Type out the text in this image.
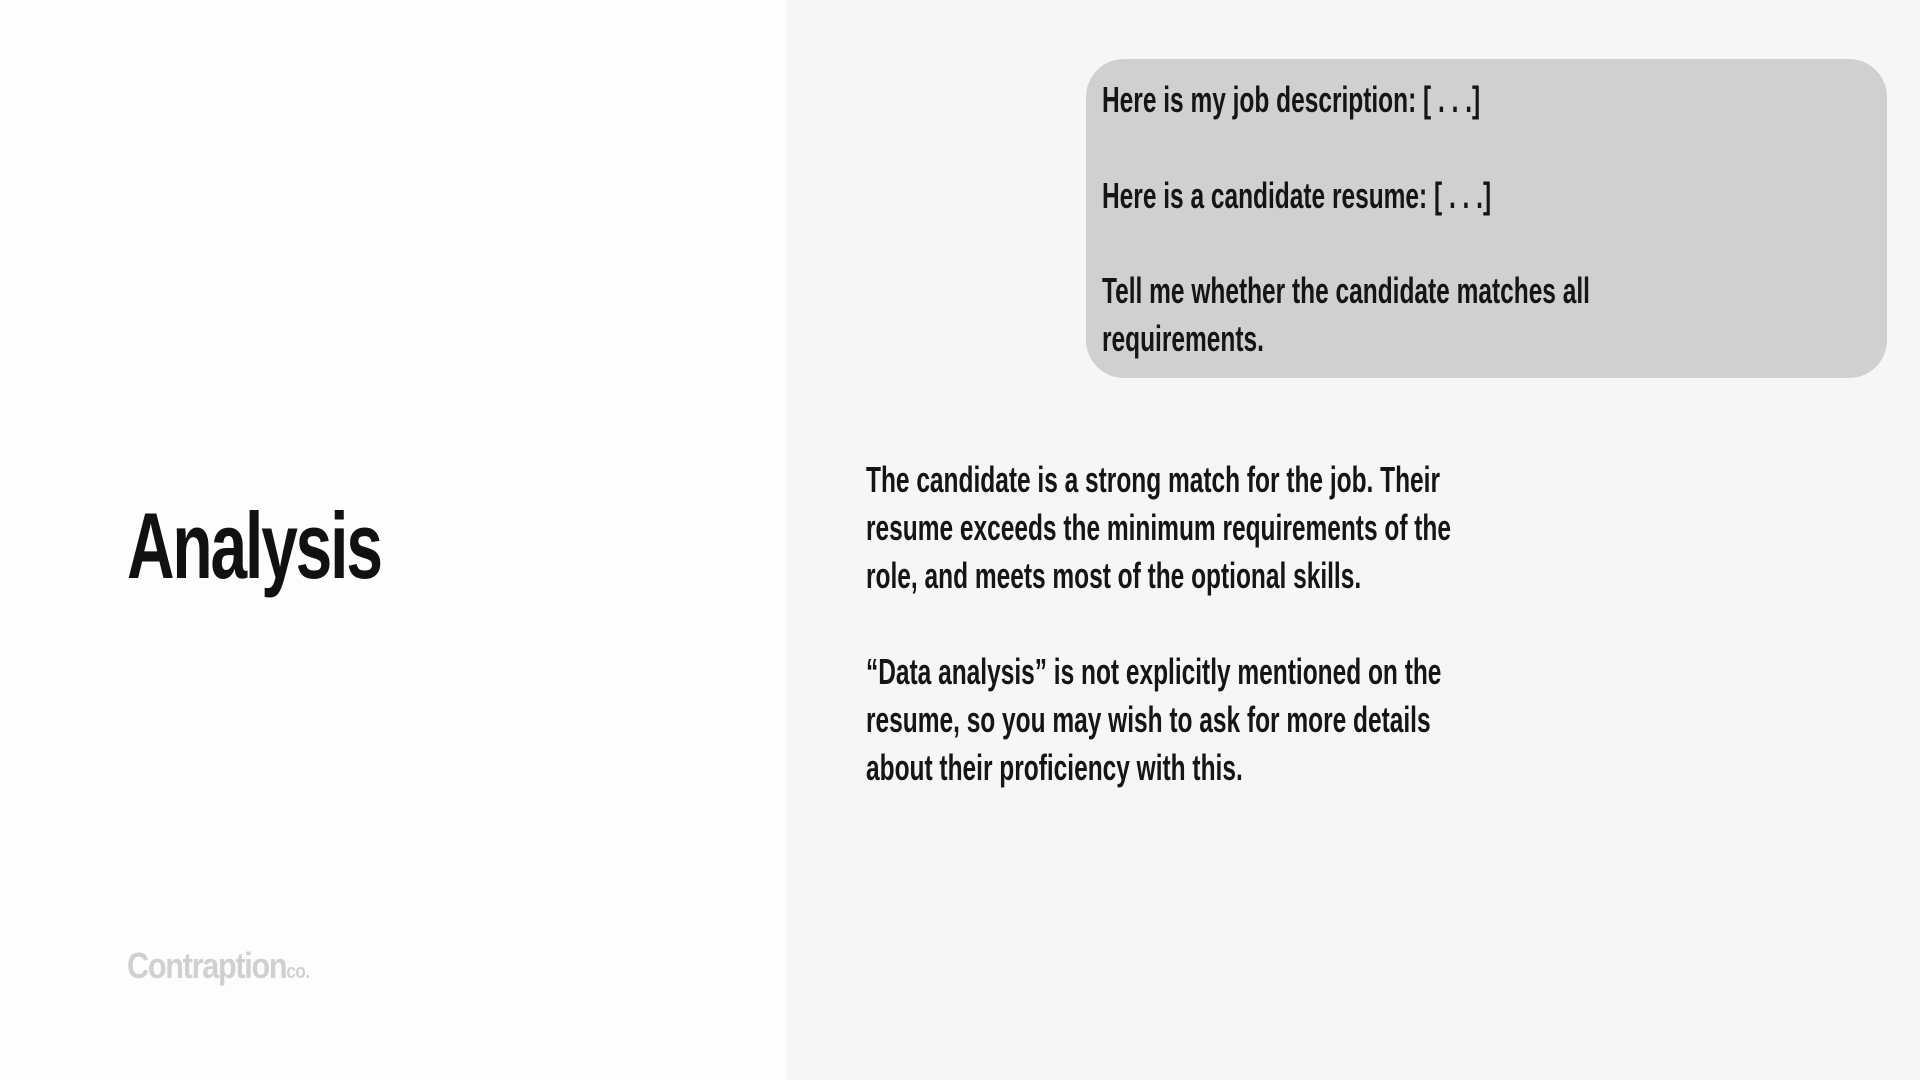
Analysis
Contraptionco.
Here is my job description: [ . . .]
Here is a candidate resume: [ . . .]
Tell me whether the candidate matches all
requirements.
The candidate is a strong match for the job. Their
resume exceeds the minimum requirements of the
role, and meets most of the optional skills.
“Data analysis” is not explicitly mentioned on the
resume, so you may wish to ask for more details
about their proficiency with this.
